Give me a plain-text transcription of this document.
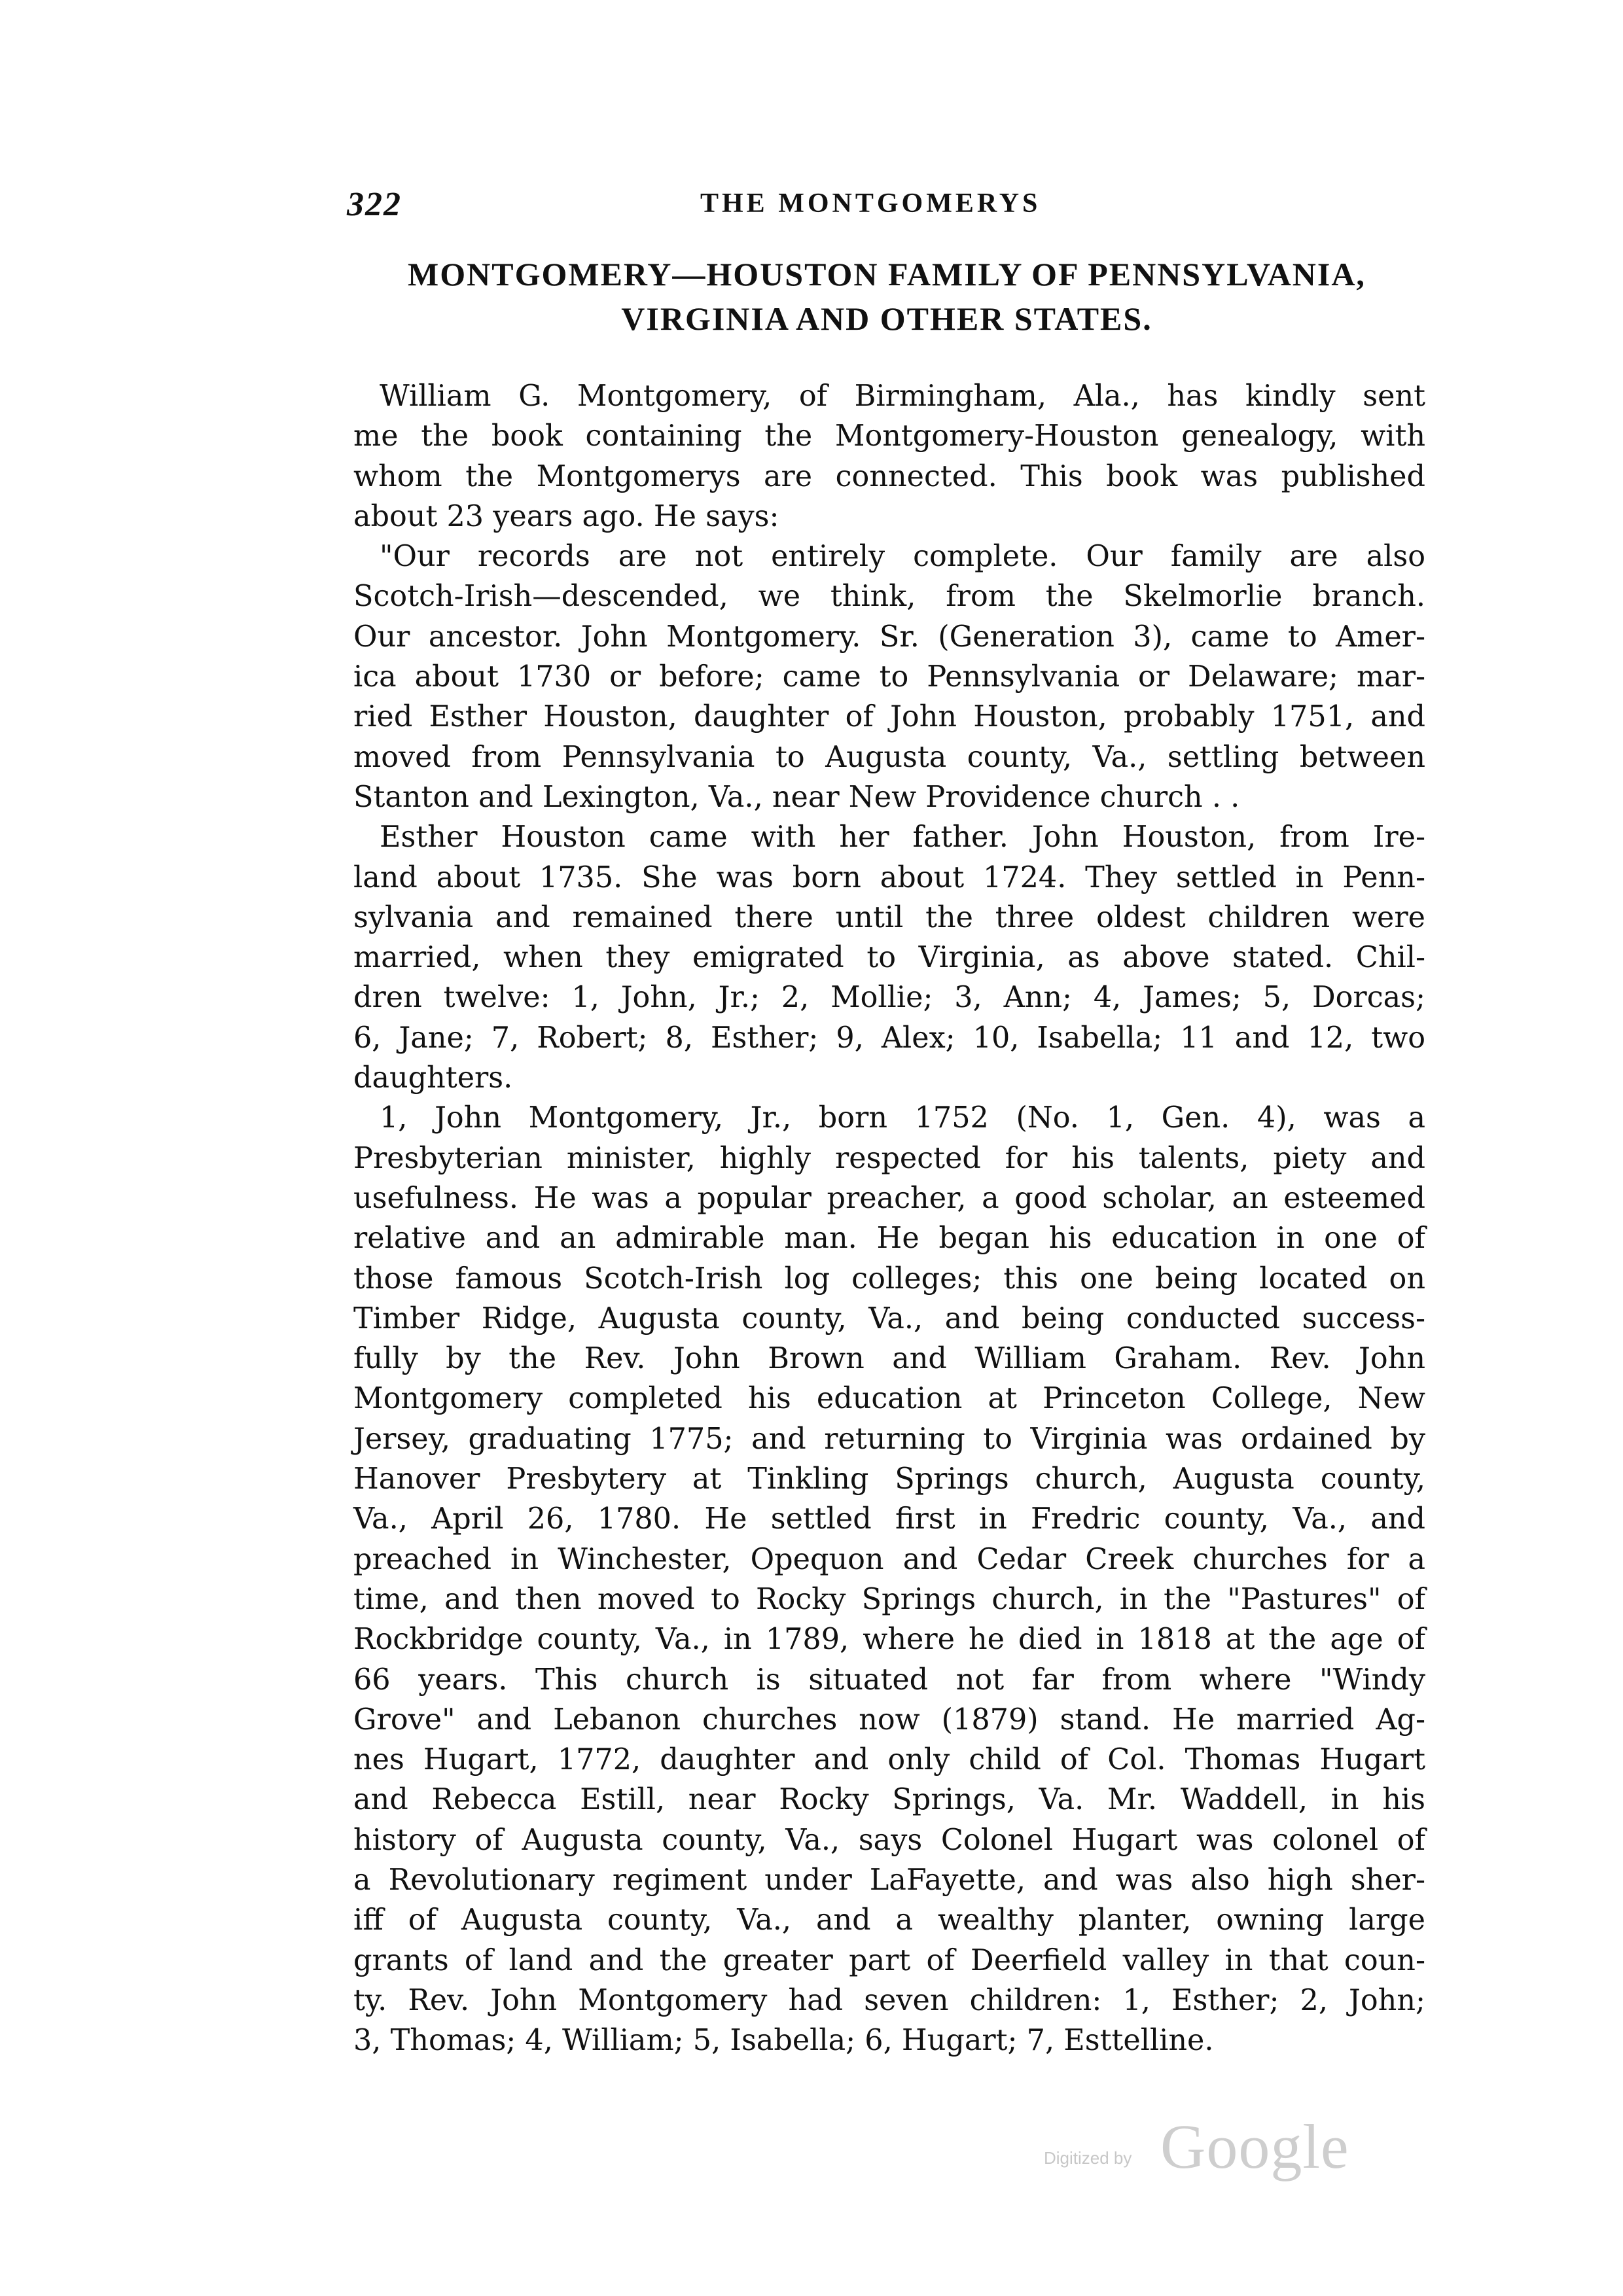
322	THE MONTGOMERYS
MONTGOMERY—HOUSTON FAMILY OF PENNSYLVANIA,
VIRGINIA AND OTHER STATES.
William G. Montgomery, of Birmingham, Ala., has kindly sent
me the book containing the Montgomery-Houston genealogy, with
whom the Montgomerys are connected. This book was published
about 23 years ago. He says:
"Our records are not entirely complete. Our family are also
Scotch-Irish—descended, we think, from the Skelmorlie branch.
Our ancestor. John Montgomery. Sr. (Generation 3), came to Amer-
ica about 1730 or before; came to Pennsylvania or Delaware; mar-
ried Esther Houston, daughter of John Houston, probably 1751, and
moved from Pennsylvania to Augusta county, Va., settling between
Stanton and Lexington, Va., near New Providence church . .
Esther Houston came with her father. John Houston, from Ire-
land about 1735. She was born about 1724. They settled in Penn-
sylvania and remained there until the three oldest children were
married, when they emigrated to Virginia, as above stated. Chil-
dren twelve: 1, John, Jr.; 2, Mollie; 3, Ann; 4, James; 5, Dorcas;
6, Jane; 7, Robert; 8, Esther; 9, Alex; 10, Isabella; 11 and 12, two
daughters.
1, John Montgomery, Jr., born 1752 (No. 1, Gen. 4), was a
Presbyterian minister, highly respected for his talents, piety and
usefulness. He was a popular preacher, a good scholar, an esteemed
relative and an admirable man. He began his education in one of
those famous Scotch-Irish log colleges; this one being located on
Timber Ridge, Augusta county, Va., and being conducted success-
fully by the Rev. John Brown and William Graham. Rev. John
Montgomery completed his education at Princeton College, New
Jersey, graduating 1775; and returning to Virginia was ordained by
Hanover Presbytery at Tinkling Springs church, Augusta county,
Va., April 26, 1780. He settled first in Fredric county, Va., and
preached in Winchester, Opequon and Cedar Creek churches for a
time, and then moved to Rocky Springs church, in the "Pastures" of
Rockbridge county, Va., in 1789, where he died in 1818 at the age of
66 years. This church is situated not far from where "Windy
Grove" and Lebanon churches now (1879) stand. He married Ag-
nes Hugart, 1772, daughter and only child of Col. Thomas Hugart
and Rebecca Estill, near Rocky Springs, Va. Mr. Waddell, in his
history of Augusta county, Va., says Colonel Hugart was colonel of
a Revolutionary regiment under LaFayette, and was also high sher-
iff of Augusta county, Va., and a wealthy planter, owning large
grants of land and the greater part of Deerfield valley in that coun-
ty. Rev. John Montgomery had seven children: 1, Esther; 2, John;
3, Thomas; 4, William; 5, Isabella; 6, Hugart; 7, Esttelline.
Digitized by Google
